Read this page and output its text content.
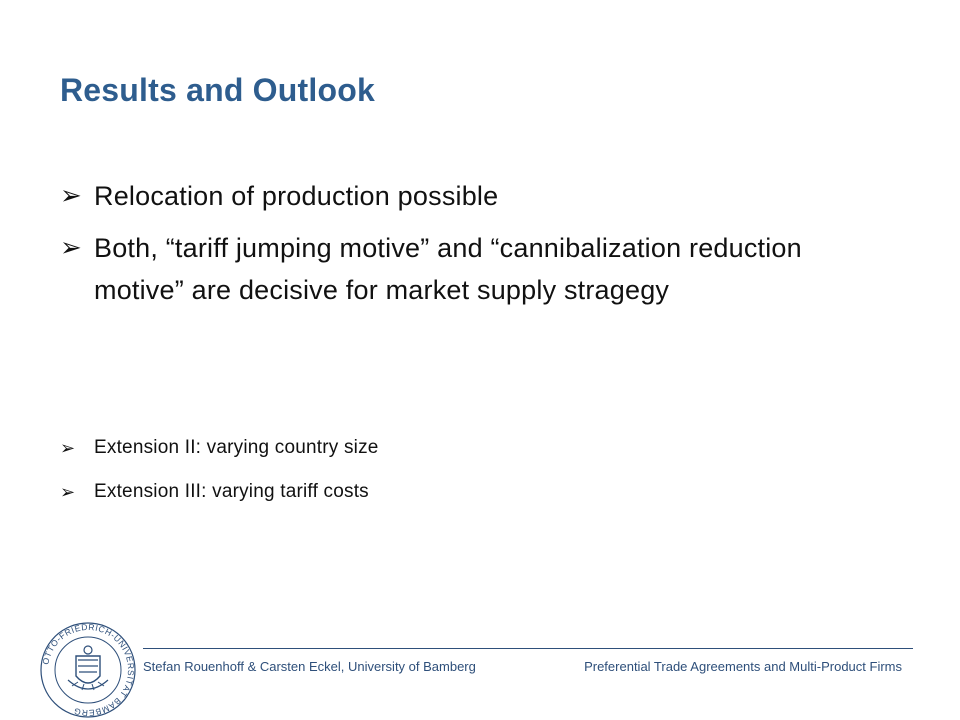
Results and Outlook
➢ Relocation of production possible
➢ Both, “tariff jumping motive” and “cannibalization reduction motive” are decisive for market supply stragegy
➢ Extension II: varying country size
➢ Extension III: varying tariff costs
OTTO-FRIEDRICH-UNIVERSITÄT BAMBERG
Stefan Rouenhoff & Carsten Eckel, University of Bamberg	Preferential Trade Agreements and Multi-Product Firms
